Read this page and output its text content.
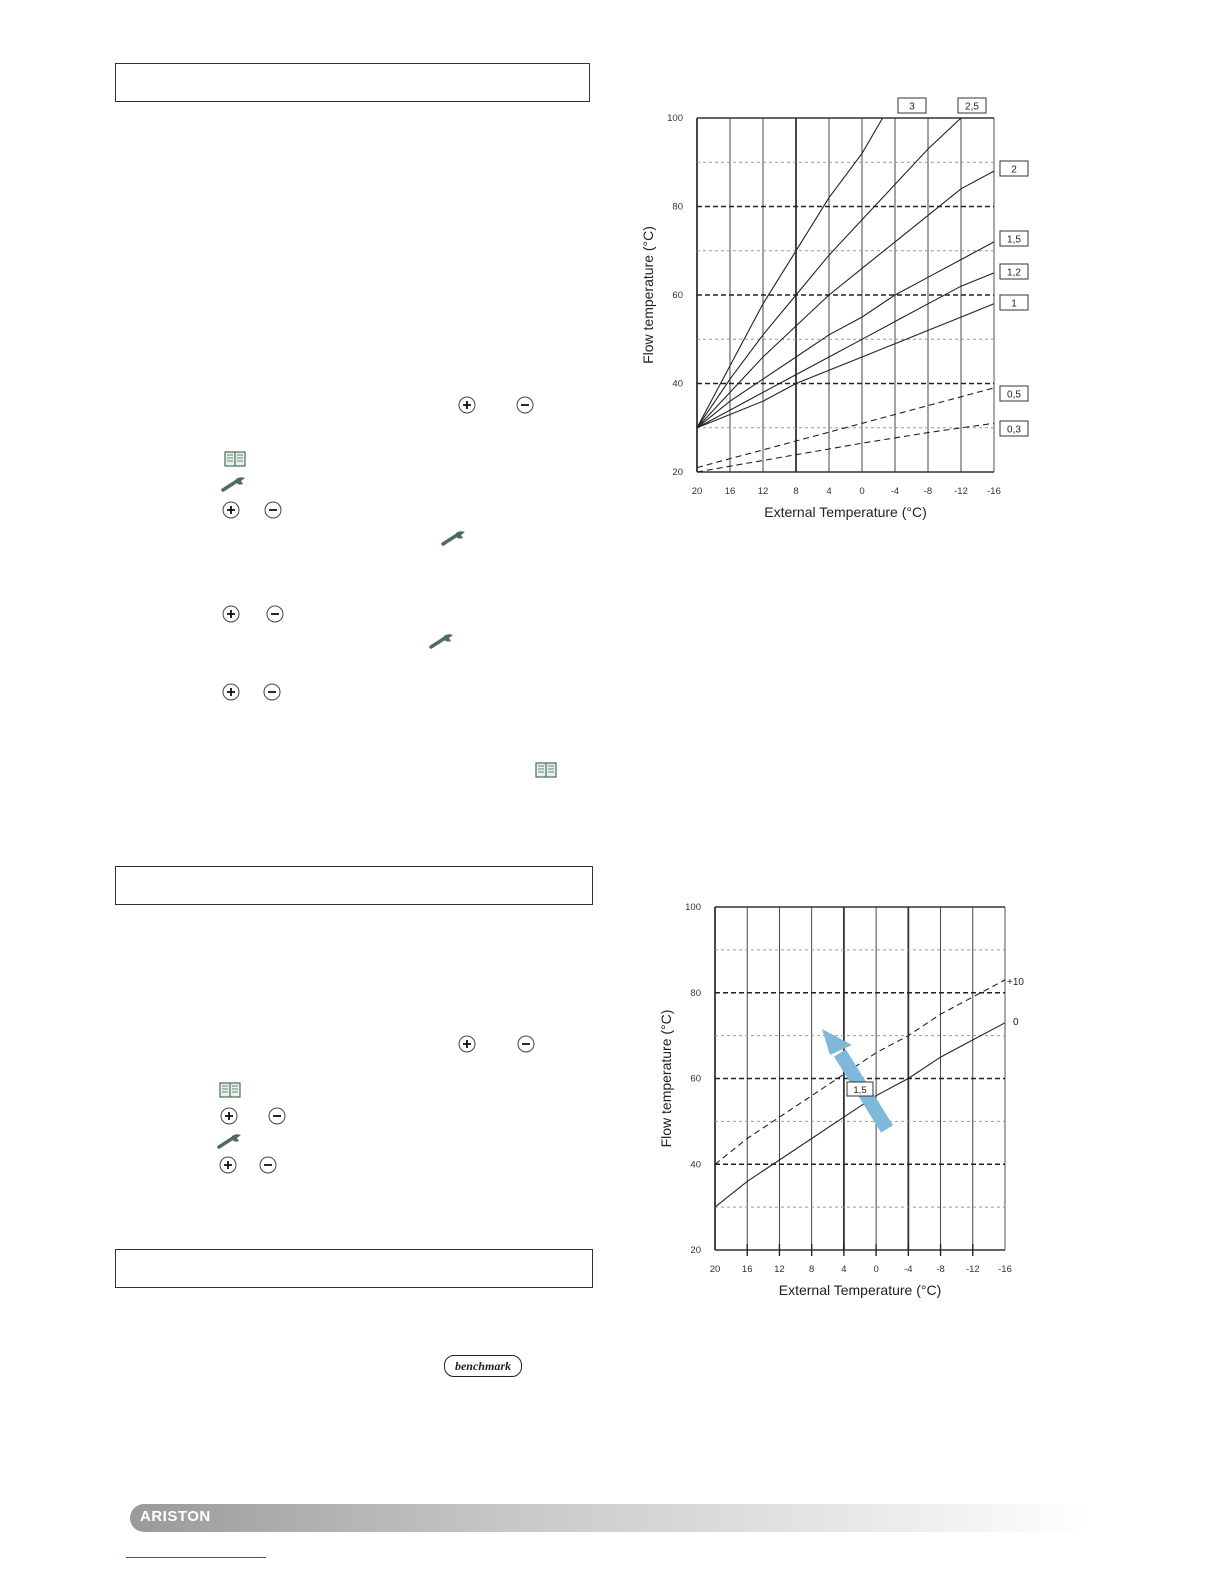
benchmark
20
40
60
80
100
20 16 12	8	4	0	-4	-8 -12 -16
External Temperature (°C)
Flow temperature (°C)
3	2,5
2
1,5
1,2
1
0,5
0,3
20
40
60
80
100
20 16 12	8	4	0	-4	-8 -12 -16
External Temperature (°C)
Flow temperature (°C)
+10
0
1,5
ARISTON
